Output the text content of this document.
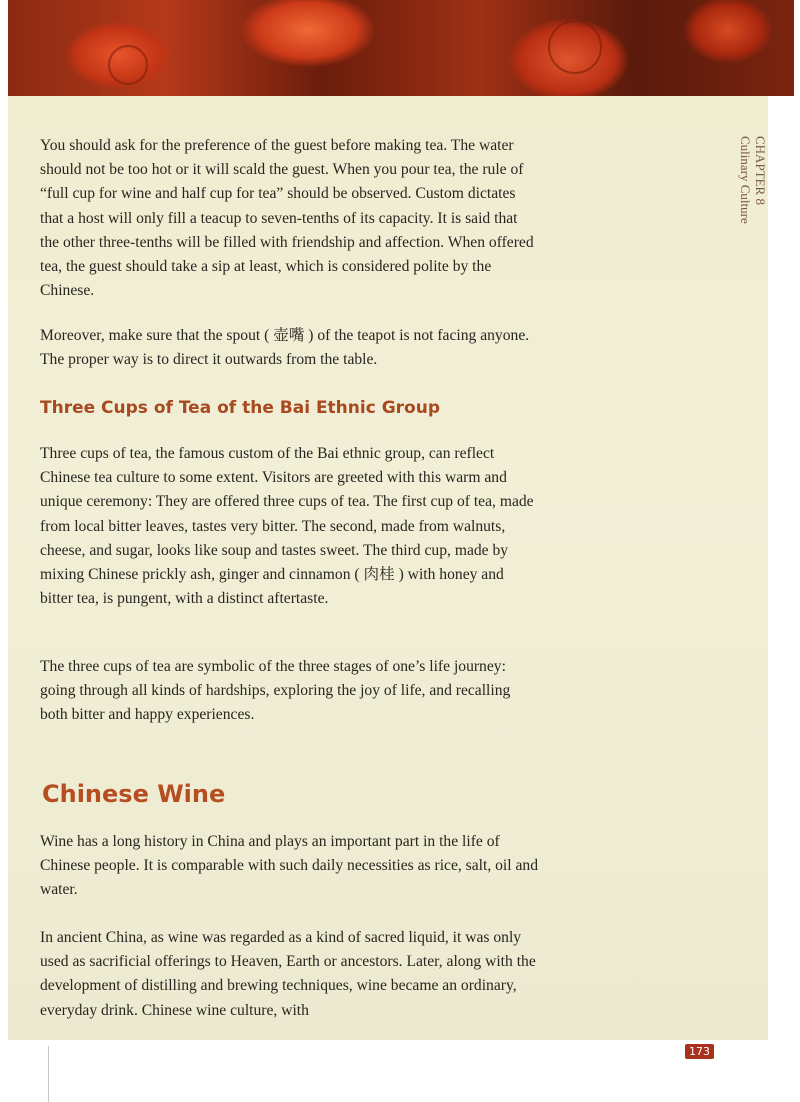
CHAPTER 8
Culinary Culture

You should ask for the preference of the guest before making tea. The water should not be too hot or it will scald the guest. When you pour tea, the rule of “full cup for wine and half cup for tea” should be observed. Custom dictates that a host will only fill a teacup to seven-tenths of its capacity. It is said that the other three-tenths will be filled with friendship and affection. When offered tea, the guest should take a sip at least, which is considered polite by the Chinese.

Moreover, make sure that the spout ( 壶嘴 ) of the teapot is not facing anyone. The proper way is to direct it outwards from the table.

Three Cups of Tea of the Bai Ethnic Group

Three cups of tea, the famous custom of the Bai ethnic group, can reflect Chinese tea culture to some extent. Visitors are greeted with this warm and unique ceremony: They are offered three cups of tea. The first cup of tea, made from local bitter leaves, tastes very bitter. The second, made from walnuts, cheese, and sugar, looks like soup and tastes sweet. The third cup, made by mixing Chinese prickly ash, ginger and cinnamon ( 肉桂 ) with honey and bitter tea, is pungent, with a distinct aftertaste.

The three cups of tea are symbolic of the three stages of one’s life journey: going through all kinds of hardships, exploring the joy of life, and recalling both bitter and happy experiences.

Chinese Wine

Wine has a long history in China and plays an important part in the life of Chinese people. It is comparable with such daily necessities as rice, salt, oil and water.

In ancient China, as wine was regarded as a kind of sacred liquid, it was only used as sacrificial offerings to Heaven, Earth or ancestors. Later, along with the development of distilling and brewing techniques, wine became an ordinary, everyday drink. Chinese wine culture, with

173
